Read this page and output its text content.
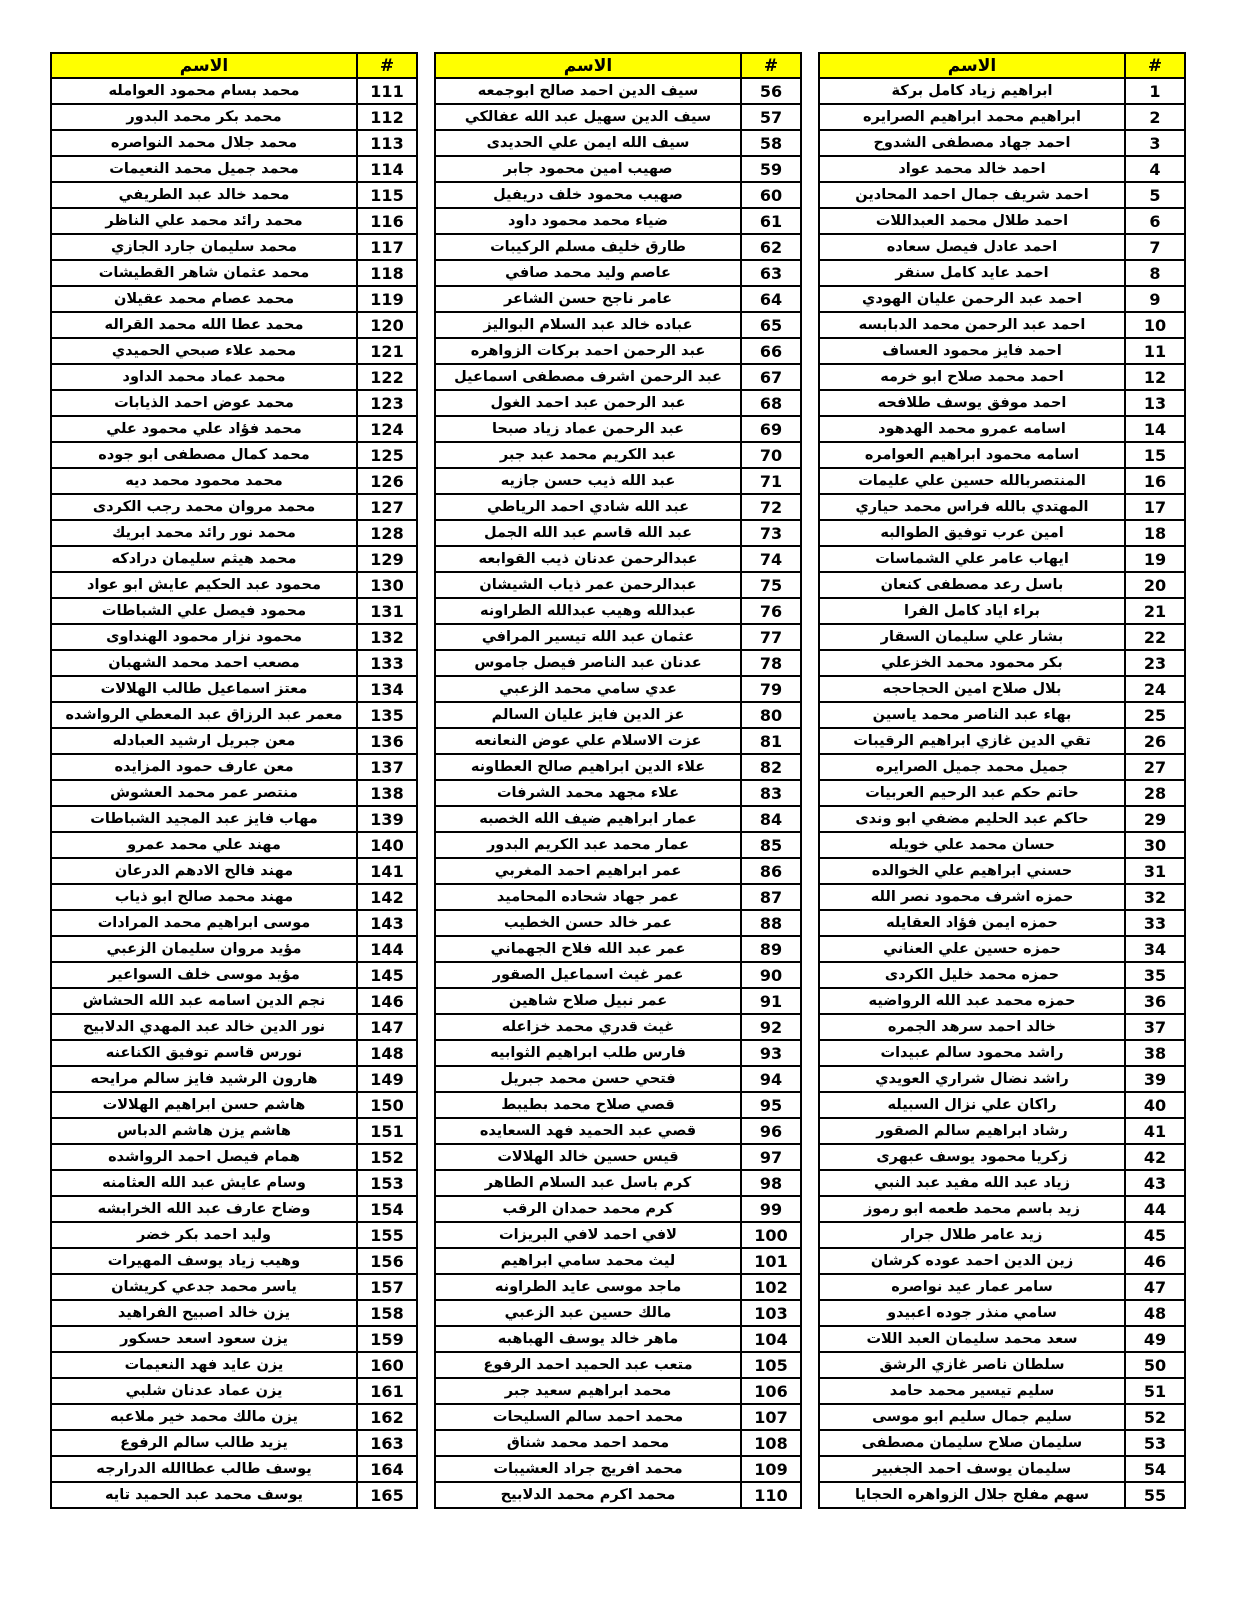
#	الاسم
1	ابراهيم زياد كامل بركة
2	ابراهيم محمد ابراهيم الصرايره
3	احمد جهاد مصطفى الشدوح
4	احمد خالد محمد عواد
5	احمد شريف جمال احمد المحادين
6	احمد طلال محمد العبداللات
7	احمد عادل فيصل سعاده
8	احمد عايد كامل سنقر
9	احمد عبد الرحمن عليان الهودي
10	احمد عبد الرحمن محمد الدبابسه
11	احمد فايز محمود العساف
12	احمد محمد صلاح ابو خرمه
13	احمد موفق يوسف طلافحه
14	اسامه عمرو محمد الهدهود
15	اسامه محمود ابراهيم العوامره
16	المنتصربالله حسين علي عليمات
17	المهتدي بالله فراس محمد حياري
18	امين عرب توفيق الطوالبه
19	ايهاب عامر علي الشماسات
20	باسل رعد مصطفى كنعان
21	براء اياد كامل الفرا
22	بشار علي سليمان السقار
23	بكر محمود محمد الخزعلي
24	بلال صلاح امين الحجاحجه
25	بهاء عبد الناصر محمد ياسين
26	تقي الدين غازي ابراهيم الرقيبات
27	جميل محمد جميل الصرايره
28	حاتم حكم عبد الرحيم العربيات
29	حاكم عبد الحليم مضفي ابو وندى
30	حسان محمد علي خويله
31	حسني ابراهيم علي الخوالده
32	حمزه اشرف محمود نصر الله
33	حمزه ايمن فؤاد العقايله
34	حمزه حسين علي العناني
35	حمزه محمد خليل الكردى
36	حمزه محمد عبد الله الرواضيه
37	خالد احمد سرهد الجمره
38	راشد محمود سالم عبيدات
39	راشد نضال شراري العويدي
40	راكان علي نزال السبيله
41	رشاد ابراهيم سالم الصقور
42	زكريا محمود يوسف عبهرى
43	زياد عبد الله مفيد عبد النبي
44	زيد باسم محمد طعمه ابو رموز
45	زيد عامر طلال جرار
46	زين الدين احمد عوده كرشان
47	سامر عمار عيد نواصره
48	سامي منذر جوده اعبيدو
49	سعد محمد سليمان العبد اللات
50	سلطان ناصر غازي الرشق
51	سليم تيسير محمد حامد
52	سليم جمال سليم ابو موسى
53	سليمان صلاح سليمان مصطفى
54	سليمان يوسف احمد الجغبير
55	سهم مفلح جلال الزواهره الحجايا
#	الاسم
56	سيف الدين احمد صالح ابوجمعه
57	سيف الدين سهيل عبد الله عفالكي
58	سيف الله ايمن علي الحديدى
59	صهيب امين محمود جابر
60	صهيب محمود خلف دريفيل
61	ضياء محمد محمود داود
62	طارق خليف مسلم الركيبات
63	عاصم وليد محمد صافي
64	عامر ناجح حسن الشاعر
65	عباده خالد عبد السلام البواليز
66	عبد الرحمن احمد بركات الزواهره
67	عبد الرحمن اشرف مصطفى اسماعيل
68	عبد الرحمن عبد احمد الغول
69	عبد الرحمن عماد زياد صبحا
70	عبد الكريم محمد عبد جبر
71	عبد الله ذيب حسن جازيه
72	عبد الله شادي احمد الرياطي
73	عبد الله قاسم عبد الله الجمل
74	عبدالرحمن عدنان ذيب القوابعه
75	عبدالرحمن عمر ذياب الشيشان
76	عبدالله وهيب عبدالله الطراونه
77	عثمان عبد الله تيسير المرافي
78	عدنان عبد الناصر فيصل جاموس
79	عدي سامي محمد الزعبي
80	عز الدين فايز عليان السالم
81	عزت الاسلام علي عوض النعانعه
82	علاء الدين ابراهيم صالح العطاونه
83	علاء مجهد محمد الشرفات
84	عمار ابراهيم ضيف الله الخصبه
85	عمار محمد عبد الكريم البدور
86	عمر ابراهيم احمد المغربي
87	عمر جهاد شحاده المحاميد
88	عمر خالد حسن الخطيب
89	عمر عبد الله فلاح الجهماني
90	عمر غيث اسماعيل الصقور
91	عمر نبيل صلاح شاهين
92	غيث قدري محمد خزاعله
93	فارس طلب ابراهيم الثوابيه
94	فتحي حسن محمد جبريل
95	قصي صلاح محمد بطيبط
96	قصي عبد الحميد فهد السعايده
97	قيس حسين خالد الهلالات
98	كرم باسل عبد السلام الطاهر
99	كرم محمد حمدان الرقب
100	لافي احمد لافي البريزات
101	ليث محمد سامي ابراهيم
102	ماجد موسى عايد الطراونه
103	مالك حسين عبد الزعبي
104	ماهر خالد يوسف الهباهبه
105	متعب عبد الحميد احمد الرفوع
106	محمد ابراهيم سعيد جبر
107	محمد احمد سالم السليحات
108	محمد احمد محمد شناق
109	محمد افريج جراد العشيبات
110	محمد اكرم محمد الدلابيح
#	الاسم
111	محمد بسام محمود العوامله
112	محمد بكر محمد البدور
113	محمد جلال محمد النواصره
114	محمد جميل محمد النعيمات
115	محمد خالد عبد الطريفي
116	محمد رائد محمد علي الناظر
117	محمد سليمان جارد الجازي
118	محمد عثمان شاهر القطيشات
119	محمد عصام محمد عقيلان
120	محمد عطا الله محمد القراله
121	محمد علاء صبحي الحميدي
122	محمد عماد محمد الداود
123	محمد عوض احمد الذيابات
124	محمد فؤاد علي محمود علي
125	محمد كمال مصطفى ابو جوده
126	محمد محمود محمد ديه
127	محمد مروان محمد رجب الكردى
128	محمد نور رائد محمد ابريك
129	محمد هيثم سليمان درادكه
130	محمود عبد الحكيم عايش ابو عواد
131	محمود فيصل علي الشباطات
132	محمود نزار محمود الهنداوى
133	مصعب احمد محمد الشهبان
134	معتز اسماعيل طالب الهلالات
135	معمر عبد الرزاق عبد المعطي الرواشده
136	معن جبريل ارشيد العبادله
137	معن عارف حمود المزايده
138	منتصر عمر محمد العشوش
139	مهاب فايز عبد المجيد الشباطات
140	مهند علي محمد عمرو
141	مهند فالح الادهم الدرعان
142	مهند محمد صالح ابو ذياب
143	موسى ابراهيم محمد المرادات
144	مؤيد مروان سليمان الزعبي
145	مؤيد موسى خلف السواعير
146	نجم الدين اسامه عبد الله الحشاش
147	نور الدين خالد عبد المهدي الدلابيح
148	نورس قاسم توفيق الكناعنه
149	هارون الرشيد فايز سالم مرايحه
150	هاشم حسن ابراهيم الهلالات
151	هاشم يزن هاشم الدباس
152	همام فيصل احمد الرواشده
153	وسام عايش عبد الله العثامنه
154	وضاح عارف عبد الله الخرابشه
155	وليد احمد بكر خضر
156	وهيب زياد يوسف المهيرات
157	ياسر محمد جدعي كريشان
158	يزن خالد اصبيح الفراهيد
159	يزن سعود اسعد حسكور
160	يزن عايد فهد النعيمات
161	يزن عماد عدنان شلبي
162	يزن مالك محمد خير ملاعبه
163	يزيد طالب سالم الرفوع
164	يوسف طالب عطاالله الدرارجه
165	يوسف محمد عبد الحميد تايه
